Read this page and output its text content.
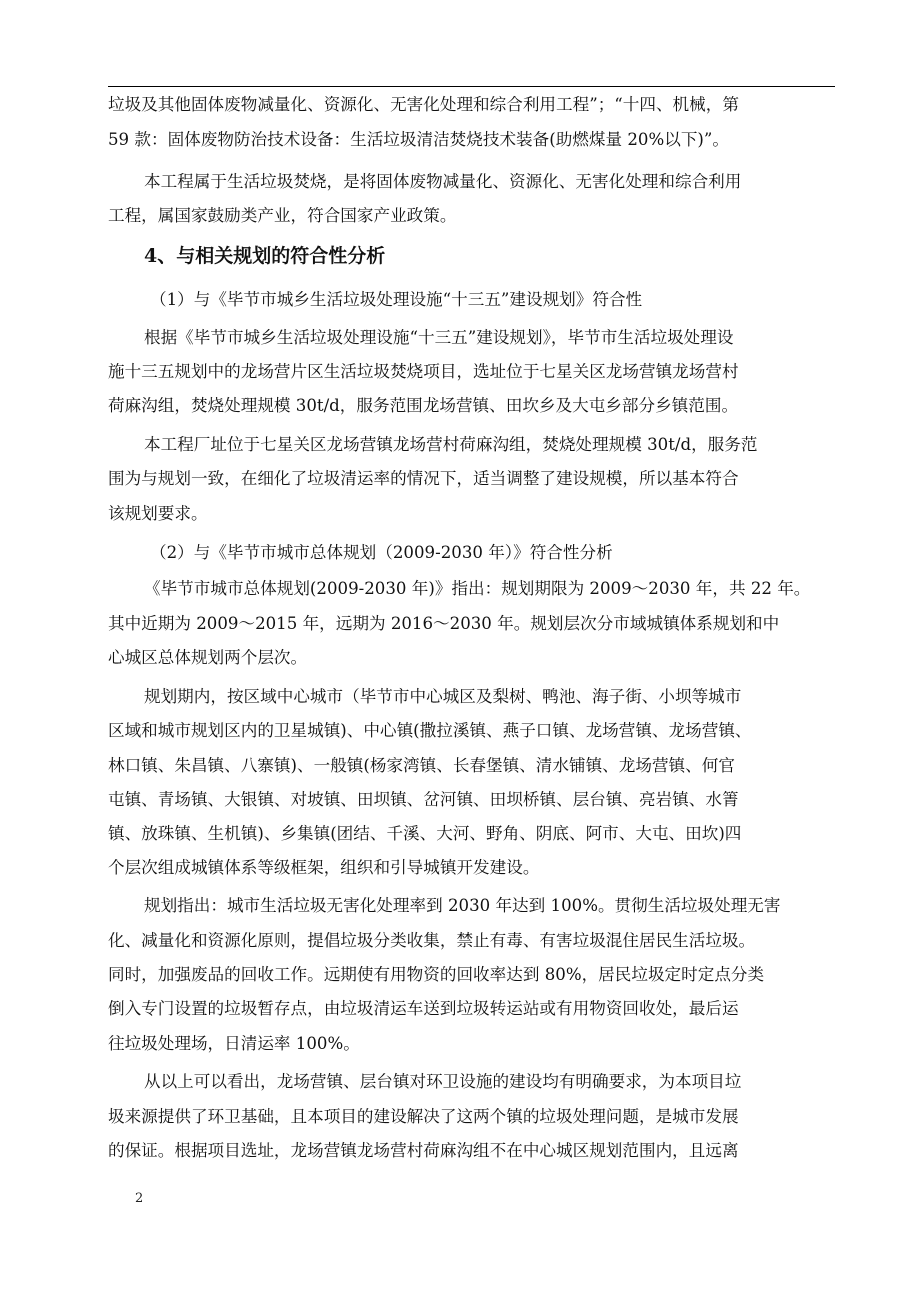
垃圾及其他固体废物减量化、资源化、无害化处理和综合利用工程”；“十四、机械，第

59 款：固体废物防治技术设备：生活垃圾清洁焚烧技术装备(助燃煤量 20%以下)”。

本工程属于生活垃圾焚烧，是将固体废物减量化、资源化、无害化处理和综合利用

工程，属国家鼓励类产业，符合国家产业政策。

4、与相关规划的符合性分析

（1）与《毕节市城乡生活垃圾处理设施“十三五”建设规划》符合性

根据《毕节市城乡生活垃圾处理设施“十三五”建设规划》，毕节市生活垃圾处理设

施十三五规划中的龙场营片区生活垃圾焚烧项目，选址位于七星关区龙场营镇龙场营村

荷麻沟组，焚烧处理规模 30t/d，服务范围龙场营镇、田坎乡及大屯乡部分乡镇范围。

本工程厂址位于七星关区龙场营镇龙场营村荷麻沟组，焚烧处理规模 30t/d，服务范

围为与规划一致，在细化了垃圾清运率的情况下，适当调整了建设规模，所以基本符合

该规划要求。

（2）与《毕节市城市总体规划（2009-2030 年）》符合性分析

《毕节市城市总体规划(2009-2030 年)》指出：规划期限为 2009～2030 年，共 22 年。

其中近期为 2009～2015 年，远期为 2016～2030 年。规划层次分市域城镇体系规划和中

心城区总体规划两个层次。

规划期内，按区域中心城市（毕节市中心城区及梨树、鸭池、海子街、小坝等城市

区域和城市规划区内的卫星城镇)、中心镇(撒拉溪镇、燕子口镇、龙场营镇、龙场营镇、

林口镇、朱昌镇、八寨镇)、一般镇(杨家湾镇、长春堡镇、清水铺镇、龙场营镇、何官

屯镇、青场镇、大银镇、对坡镇、田坝镇、岔河镇、田坝桥镇、层台镇、亮岩镇、水箐

镇、放珠镇、生机镇)、乡集镇(团结、千溪、大河、野角、阴底、阿市、大屯、田坎)四

个层次组成城镇体系等级框架，组织和引导城镇开发建设。

规划指出：城市生活垃圾无害化处理率到 2030 年达到 100%。贯彻生活垃圾处理无害

化、减量化和资源化原则，提倡垃圾分类收集，禁止有毒、有害垃圾混住居民生活垃圾。

同时，加强废品的回收工作。远期使有用物资的回收率达到 80%，居民垃圾定时定点分类

倒入专门设置的垃圾暂存点，由垃圾清运车送到垃圾转运站或有用物资回收处，最后运

往垃圾处理场，日清运率 100%。

从以上可以看出，龙场营镇、层台镇对环卫设施的建设均有明确要求，为本项目垃

圾来源提供了环卫基础，且本项目的建设解决了这两个镇的垃圾处理问题，是城市发展

的保证。根据项目选址，龙场营镇龙场营村荷麻沟组不在中心城区规划范围内，且远离

2
